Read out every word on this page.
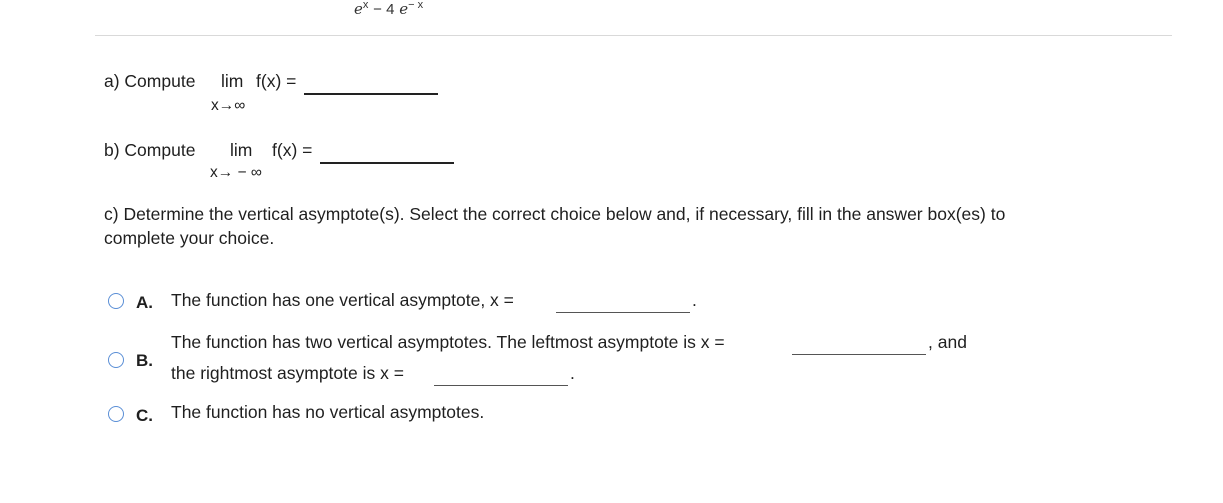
$e^x - 4$ $e^{- x}$
a) Compute lim f(x) =
x→∞
b) Compute lim f(x) =
x→ − ∞
c) Determine the vertical asymptote(s). Select the correct choice below and, if necessary, fill in the answer box(es) to
complete your choice.
A. The function has one vertical asymptote, x =	.
The function has two vertical asymptotes. The leftmost asymptote is x =	, and
B.
the rightmost asymptote is x =	.
C. The function has no vertical asymptotes.
